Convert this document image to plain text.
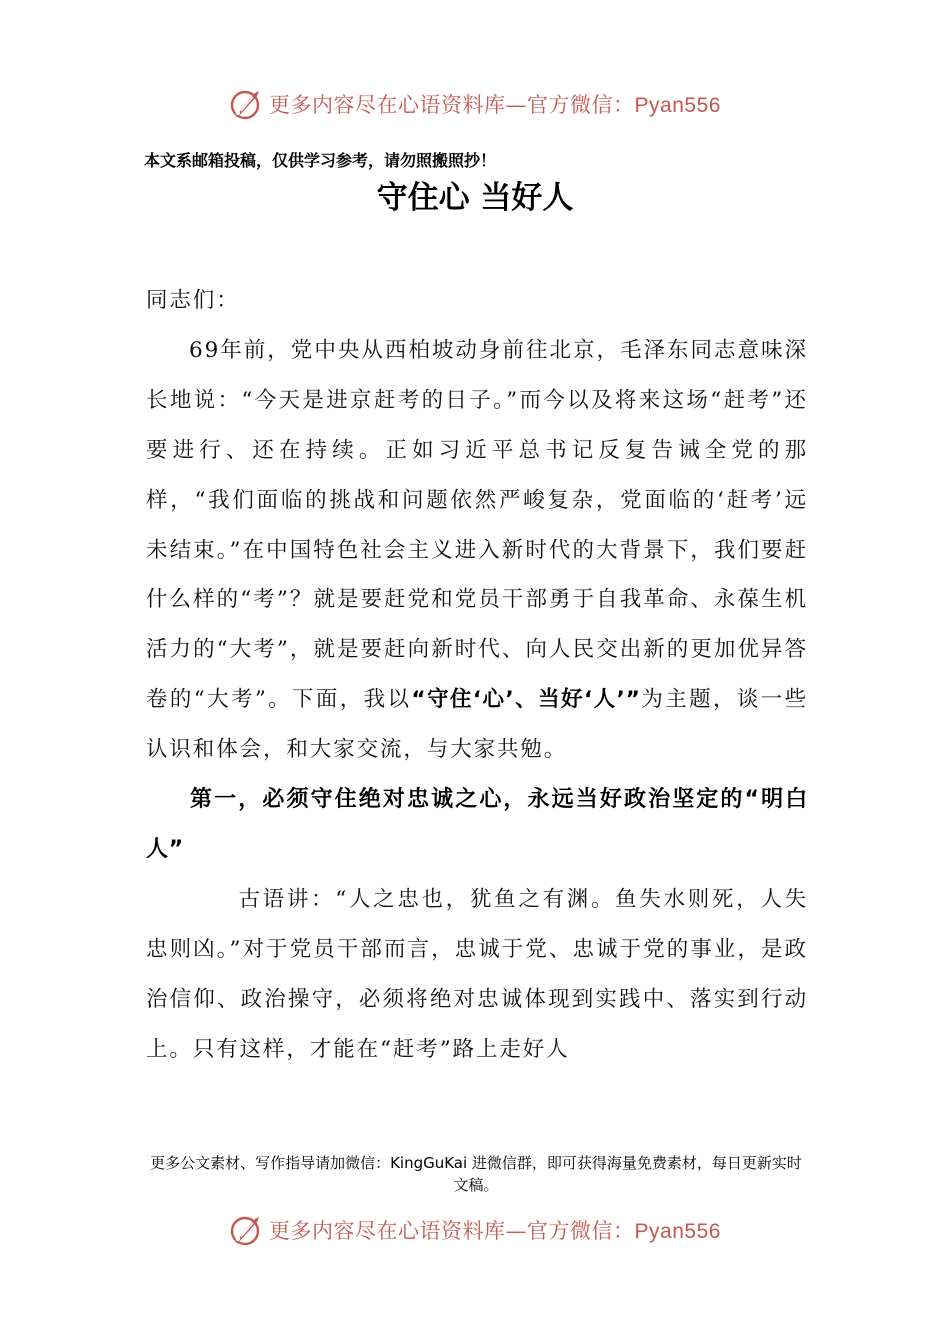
更多内容尽在心语资料库—官方微信：Pyan556
本文系邮箱投稿，仅供学习参考，请勿照搬照抄！
守住心 当好人

同志们：

69年前，党中央从西柏坡动身前往北京，毛泽东同志意味深长地说：“今天是进京赶考的日子。”而今以及将来这场“赶考”还要进行、还在持续。正如习近平总书记反复告诫全党的那样，“我们面临的挑战和问题依然严峻复杂，党面临的‘赶考’远未结束。”在中国特色社会主义进入新时代的大背景下，我们要赶什么样的“考”？就是要赶党和党员干部勇于自我革命、永葆生机活力的“大考”，就是要赶向新时代、向人民交出新的更加优异答卷的“大考”。下面，我以“守住‘心’、当好‘人’”为主题，谈一些认识和体会，和大家交流，与大家共勉。

第一，必须守住绝对忠诚之心，永远当好政治坚定的“明白人”

古语讲：“人之忠也，犹鱼之有渊。鱼失水则死，人失忠则凶。”对于党员干部而言，忠诚于党、忠诚于党的事业，是政治信仰、政治操守，必须将绝对忠诚体现到实践中、落实到行动上。只有这样，才能在“赶考”路上走好人

更多公文素材、写作指导请加微信：KingGuKai 进微信群，即可获得海量免费素材，每日更新实时文稿。
更多内容尽在心语资料库—官方微信：Pyan556
